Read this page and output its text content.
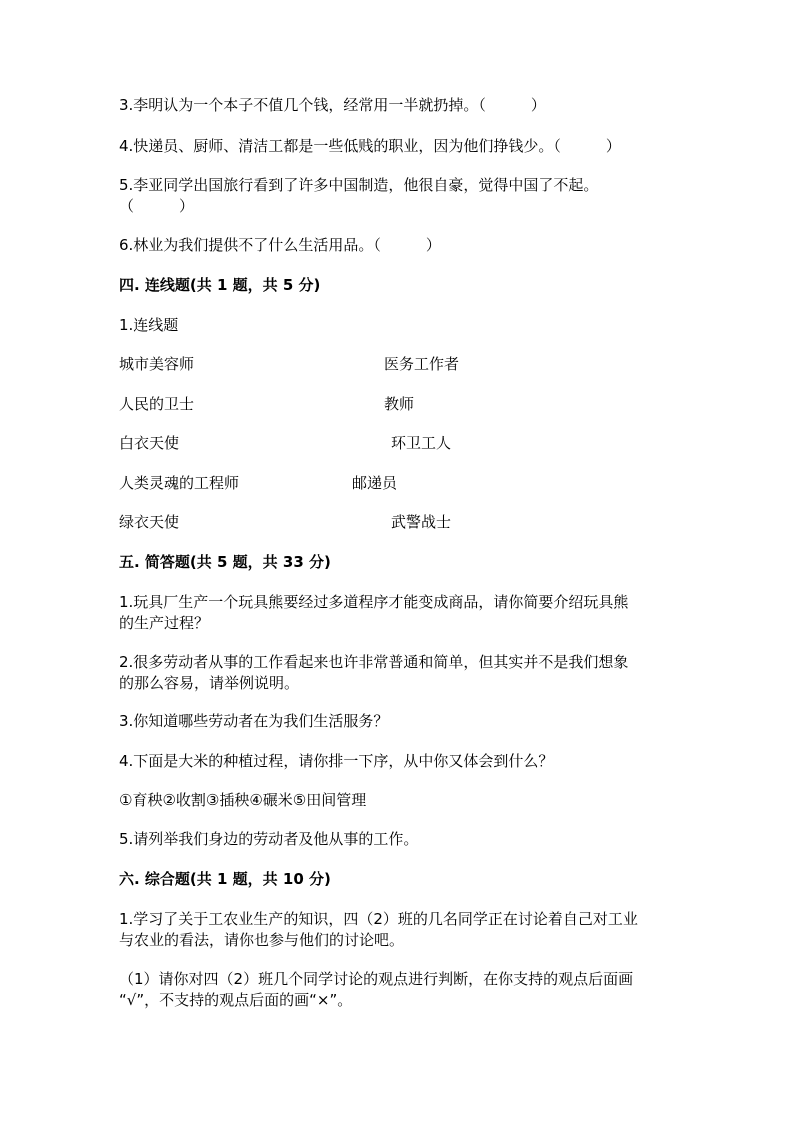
3.李明认为一个本子不值几个钱，经常用一半就扔掉。（　　　）
4.快递员、厨师、清洁工都是一些低贱的职业，因为他们挣钱少。（　　　）
5.李亚同学出国旅行看到了许多中国制造，他很自豪，觉得中国了不起。
（　　　）
6.林业为我们提供不了什么生活用品。（　　　）
四. 连线题(共 1 题，共 5 分)
1.连线题
城市美容师	医务工作者
人民的卫士	教师
白衣天使	环卫工人
人类灵魂的工程师	邮递员
绿衣天使	武警战士
五. 简答题(共 5 题，共 33 分)
1.玩具厂生产一个玩具熊要经过多道程序才能变成商品，请你简要介绍玩具熊
的生产过程？
2.很多劳动者从事的工作看起来也许非常普通和简单，但其实并不是我们想象
的那么容易，请举例说明。
3.你知道哪些劳动者在为我们生活服务？
4.下面是大米的种植过程，请你排一下序，从中你又体会到什么？
①育秧②收割③插秧④碾米⑤田间管理
5.请列举我们身边的劳动者及他从事的工作。
六. 综合题(共 1 题，共 10 分)
1.学习了关于工农业生产的知识，四（2）班的几名同学正在讨论着自己对工业
与农业的看法，请你也参与他们的讨论吧。
（1）请你对四（2）班几个同学讨论的观点进行判断，在你支持的观点后面画
“√”，不支持的观点后面的画“×”。
